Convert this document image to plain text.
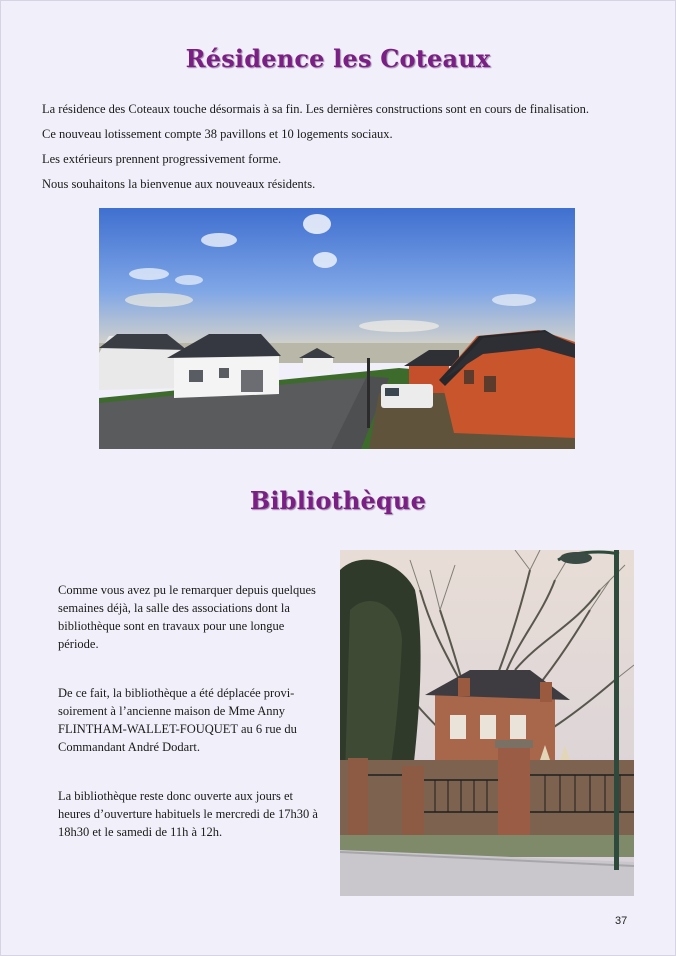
Résidence les Coteaux

La résidence des Coteaux touche désormais à sa fin. Les dernières constructions sont en cours de finalisation.

Ce nouveau lotissement compte 38 pavillons et 10 logements sociaux.

Les extérieurs prennent progressivement forme.

Nous souhaitons la bienvenue aux nouveaux résidents.

Bibliothèque

Comme vous avez pu le remarquer depuis quelques semaines déjà, la salle des associations dont la bibliothèque sont en travaux pour une longue période.

De ce fait, la bibliothèque a été déplacée provi-soirement à l’ancienne maison de Mme Anny FLINTHAM-WALLET-FOUQUET au 6 rue du Commandant André Dodart.

La bibliothèque reste donc ouverte aux jours et heures d’ouverture habituels le mercredi de 17h30 à 18h30 et le samedi de 11h à 12h.

37
